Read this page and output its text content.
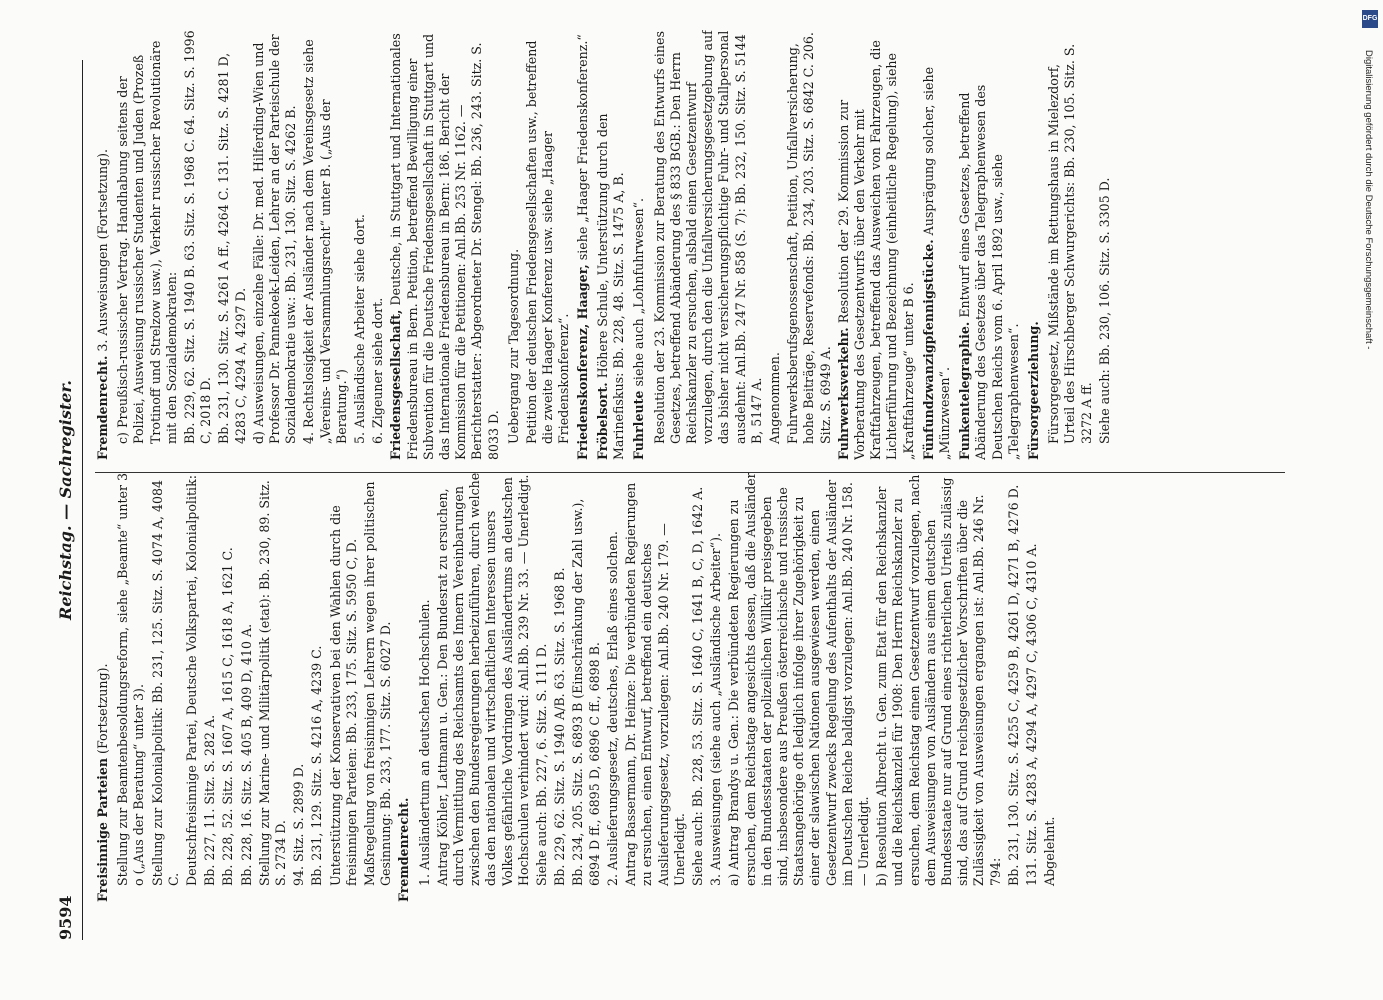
9594
Reichstag. — Sachregister.

Freisinnige Parteien (Fortsetzung). Stellung zur Beamtenbesoldungsreform, siehe „Beamte“ unter 3 o („Aus der Beratung“ unter 3). Stellung zur Kolonialpolitik: Bb. 231, 125. Sitz. S. 4074 A, 4084 C. Deutschfreisinnige Partei, Deutsche Volkspartei, Kolonialpolitik: Bb. 227, 11. Sitz. S. 282 A. Bb. 228, 52. Sitz. S. 1607 A, 1615 C, 1618 A, 1621 C. Bb. 228, 16. Sitz. S. 405 B, 409 D, 410 A. Stellung zur Marine- und Militärpolitik (etat): Bb. 230, 89. Sitz. S. 2734 D. 94. Sitz. S. 2899 D. Bb. 231, 129. Sitz. S. 4216 A, 4239 C. Unterstützung der Konservativen bei den Wahlen durch die freisinnigen Parteien: Bb. 233, 175. Sitz. S. 5950 C, D. Maßregelung von freisinnigen Lehrern wegen ihrer politischen Gesinnung: Bb. 233, 177. Sitz. S. 6027 D. Fremdenrecht. 1. Ausländertum an deutschen Hochschulen. Antrag Köhler, Lattmann u. Gen.: Den Bundesrat zu ersuchen, durch Vermittlung des Reichsamts des Innern Vereinbarungen zwischen den Bundesregierungen herbeizuführen, durch welche das den nationalen und wirtschaftlichen Interessen unsers Volkes gefährliche Vordringen des Ausländertums an deutschen Hochschulen verhindert wird: Anl.Bb. 239 Nr. 33. — Unerledigt. Siehe auch: Bb. 227, 6. Sitz. S. 111 D. Bb. 229, 62. Sitz. S. 1940 A/B. 63. Sitz. S. 1968 B. Bb. 234, 205. Sitz. S. 6893 B (Einschränkung der Zahl usw.), 6894 D ff., 6895 D, 6896 C ff., 6898 B. 2. Auslieferungsgesetz, deutsches, Erlaß eines solchen. Antrag Bassermann, Dr. Heinze: Die verbündeten Regierungen zu ersuchen, einen Entwurf, betreffend ein deutsches Auslieferungsgesetz, vorzulegen: Anl.Bb. 240 Nr. 179. — Unerledigt. Siehe auch: Bb. 228, 53. Sitz. S. 1640 C, 1641 B, C, D, 1642 A. 3. Ausweisungen (siehe auch „Ausländische Arbeiter“). a) Antrag Brandys u. Gen.: Die verbündeten Regierungen zu ersuchen, dem Reichstage angesichts dessen, daß die Ausländer in den Bundesstaaten der polizeilichen Willkür preisgegeben sind, insbesondere aus Preußen österreichische und russische Staatsangehörige oft lediglich infolge ihrer Zugehörigkeit zu einer der slawischen Nationen ausgewiesen werden, einen Gesetzentwurf zwecks Regelung des Aufenthalts der Ausländer im Deutschen Reiche baldigst vorzulegen: Anl.Bb. 240 Nr. 158. — Unerledigt. b) Resolution Albrecht u. Gen. zum Etat für den Reichskanzler und die Reichskanzlei für 1908: Den Herrn Reichskanzler zu ersuchen, dem Reichstag einen Gesetzentwurf vorzulegen, nach dem Ausweisungen von Ausländern aus einem deutschen Bundesstaate nur auf Grund eines richterlichen Urteils zulässig sind, das auf Grund reichsgesetzlicher Vorschriften über die Zulässigkeit von Ausweisungen ergangen ist: Anl.Bb. 246 Nr. 794: Bb. 231, 130. Sitz. S. 4255 C, 4259 B, 4261 D, 4271 B, 4276 D. 131. Sitz. S. 4283 A, 4294 A, 4297 C, 4306 C, 4310 A. Abgelehnt.

Fremdenrecht. 3. Ausweisungen (Fortsetzung). c) Preußisch-russischer Vertrag. Handhabung seitens der Polizei, Ausweisung russischer Studenten und Juden (Prozeß Trotinoff und Strelzow usw.), Verkehr russischer Revolutionäre mit den Sozialdemokraten: Bb. 229, 62. Sitz. S. 1940 B. 63. Sitz. S. 1968 C. 64. Sitz. S. 1996 C, 2018 D. Bb. 231, 130. Sitz. S. 4261 A ff., 4264 C. 131. Sitz. S. 4281 D, 4283 C, 4294 A, 4297 D. d) Ausweisungen, einzelne Fälle: Dr. med. Hilferding-Wien und Professor Dr. Pannekoek-Leiden, Lehrer an der Parteischule der Sozialdemokratie usw.: Bb. 231, 130. Sitz. S. 4262 B. 4. Rechtslosigkeit der Ausländer nach dem Vereinsgesetz siehe „Vereins- und Versammlungsrecht“ unter B. („Aus der Beratung.“) 5. Ausländische Arbeiter siehe dort. 6. Zigeuner siehe dort. Friedensgesellschaft, Deutsche, in Stuttgart und Internationales Friedensbureau in Bern. Petition, betreffend Bewilligung einer Subvention für die Deutsche Friedensgesellschaft in Stuttgart und das Internationale Friedensbureau in Bern: 186. Bericht der Kommission für die Petitionen: Anl.Bb. 253 Nr. 1162. — Berichterstatter: Abgeordneter Dr. Stengel: Bb. 236, 243. Sitz. S. 8033 D. Uebergang zur Tagesordnung. Petition der deutschen Friedensgesellschaften usw., betreffend die zweite Haager Konferenz usw. siehe „Haager Friedenskonferenz“. Friedenskonferenz, Haager, siehe „Haager Friedenskonferenz.“

Fröbelsort. Höhere Schule, Unterstützung durch den Marinefiskus: Bb. 228, 48. Sitz. S. 1475 A, B. Fuhrleute siehe auch „Lohnfuhrwesen“. Resolution der 23. Kommission zur Beratung des Entwurfs eines Gesetzes, betreffend Abänderung des § 833 BGB.: Den Herrn Reichskanzler zu ersuchen, alsbald einen Gesetzentwurf vorzulegen, durch den die Unfallversicherungsgesetzgebung auf das bisher nicht versicherungspflichtige Fuhr- und Stallpersonal ausdehnt: Anl.Bb. 247 Nr. 858 (S. 7): Bb. 232, 150. Sitz. S. 5144 B, 5147 A. Angenommen. Fuhrwerksberufsgenossenschaft, Petition, Unfallversicherung, hohe Beiträge, Reservefonds: Bb. 234, 203. Sitz. S. 6842 C. 206. Sitz. S. 6949 A. Fuhrwerksverkehr. Resolution der 29. Kommission zur Vorberatung des Gesetzentwurfs über den Verkehr mit Kraftfahrzeugen, betreffend das Ausweichen von Fahrzeugen, die Lichterführung und Bezeichnung (einheitliche Regelung), siehe „Kraftfahrzeuge“ unter B 6. Fünfundzwanzigpfennigstücke. Ausprägung solcher, siehe „Münzwesen“. Funkentelegraphie. Entwurf eines Gesetzes, betreffend Abänderung des Gesetzes über das Telegraphenwesen des Deutschen Reichs vom 6. April 1892 usw., siehe „Telegraphenwesen“. Fürsorgeerziehung. Fürsorgegesetz, Mißstände im Rettungshaus in Mielezdorf, Urteil des Hirschberger Schwurgerichts: Bb. 230, 105. Sitz. S. 3272 A ff. Siehe auch: Bb. 230, 106. Sitz. S. 3305 D.

DFG
Digitalisierung gefördert durch die Deutsche Forschungsgemeinschaft -
